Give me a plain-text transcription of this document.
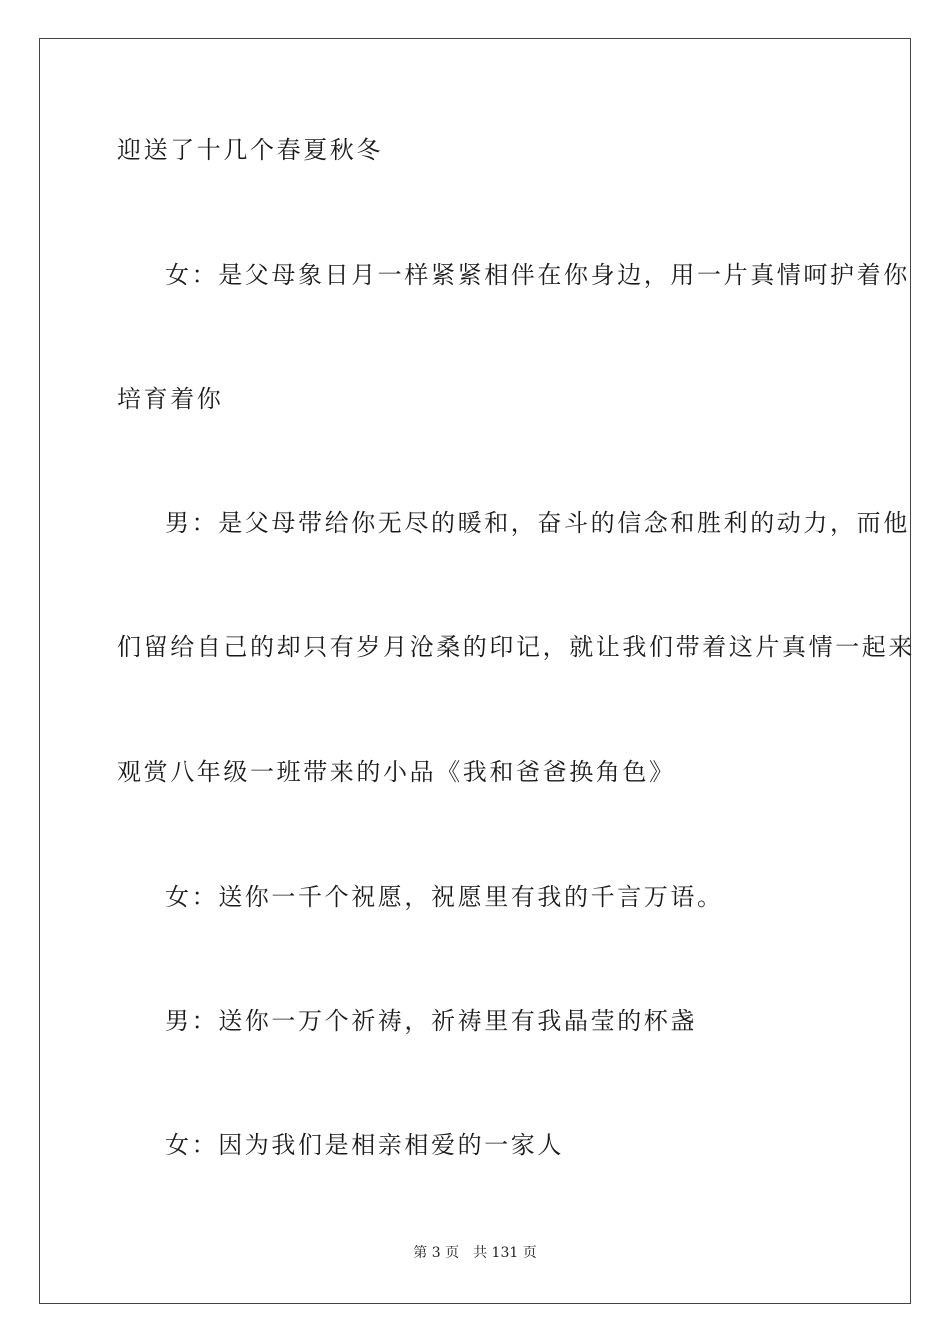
迎送了十几个春夏秋冬
女：是父母象日月一样紧紧相伴在你身边，用一片真情呵护着你
培育着你
男：是父母带给你无尽的暖和，奋斗的信念和胜利的动力，而他
们留给自己的却只有岁月沧桑的印记，就让我们带着这片真情一起来
观赏八年级一班带来的小品《我和爸爸换角色》
女：送你一千个祝愿，祝愿里有我的千言万语。
男：送你一万个祈祷，祈祷里有我晶莹的杯盏
女：因为我们是相亲相爱的一家人
第 3 页 共 131 页
